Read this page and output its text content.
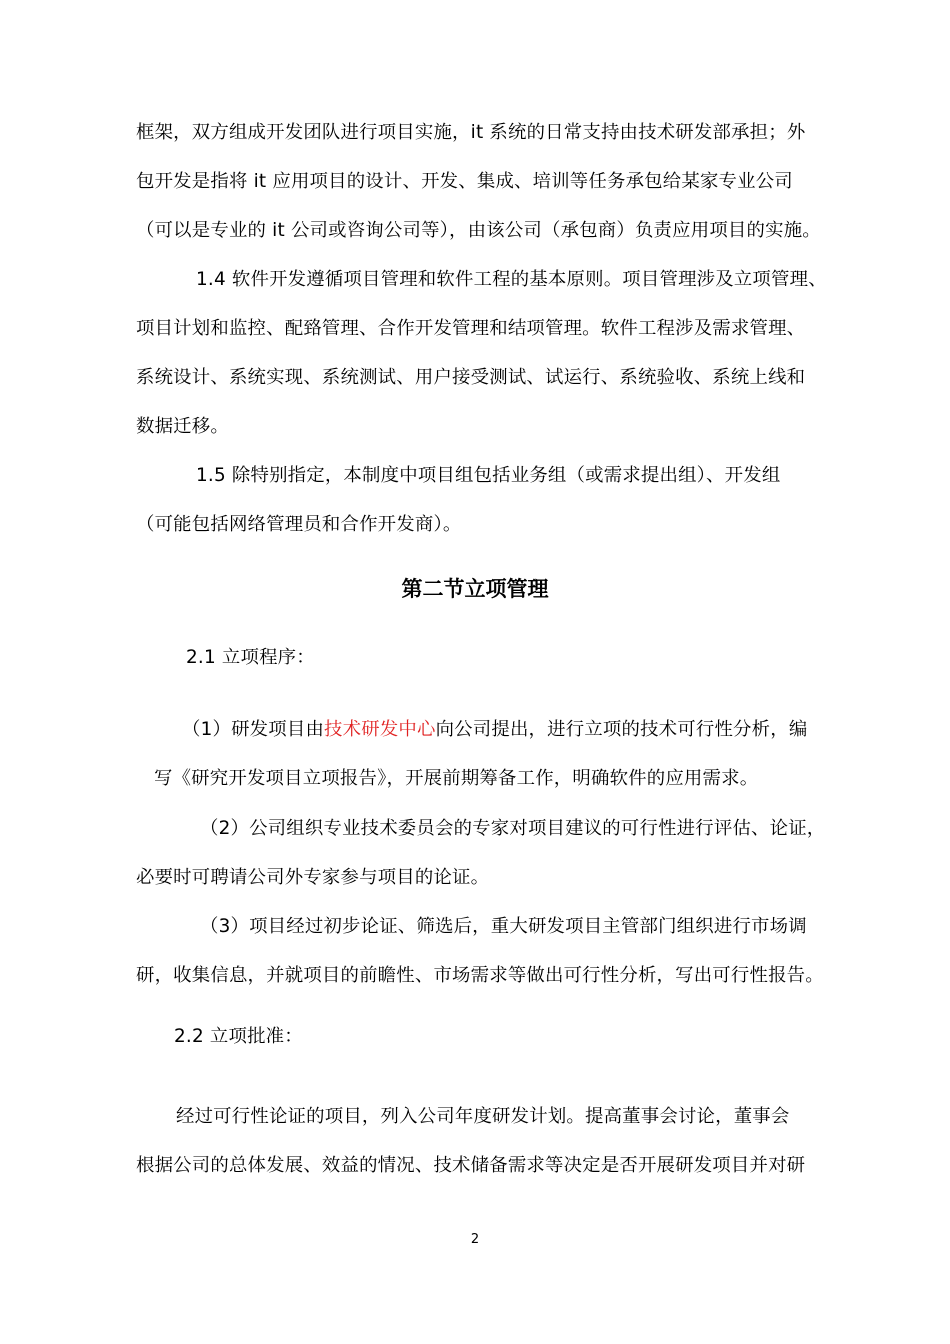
框架，双方组成开发团队进行项目实施，it 系统的日常支持由技术研发部承担；外
包开发是指将 it 应用项目的设计、开发、集成、培训等任务承包给某家专业公司
（可以是专业的 it 公司或咨询公司等），由该公司（承包商）负责应用项目的实施。
1.4 软件开发遵循项目管理和软件工程的基本原则。项目管理涉及立项管理、
项目计划和监控、配臵管理、合作开发管理和结项管理。软件工程涉及需求管理、
系统设计、系统实现、系统测试、用户接受测试、试运行、系统验收、系统上线和
数据迁移。
1.5 除特别指定，本制度中项目组包括业务组（或需求提出组）、开发组
（可能包括网络管理员和合作开发商）。
第二节立项管理
2.1 立项程序：
（1）研发项目由技术研发中心向公司提出，进行立项的技术可行性分析，编
写《研究开发项目立项报告》，开展前期筹备工作，明确软件的应用需求。
（2）公司组织专业技术委员会的专家对项目建议的可行性进行评估、论证，
必要时可聘请公司外专家参与项目的论证。
（3）项目经过初步论证、筛选后，重大研发项目主管部门组织进行市场调
研，收集信息，并就项目的前瞻性、市场需求等做出可行性分析，写出可行性报告。
2.2 立项批准：
经过可行性论证的项目，列入公司年度研发计划。提高董事会讨论，董事会
根据公司的总体发展、效益的情况、技术储备需求等决定是否开展研发项目并对研
2
